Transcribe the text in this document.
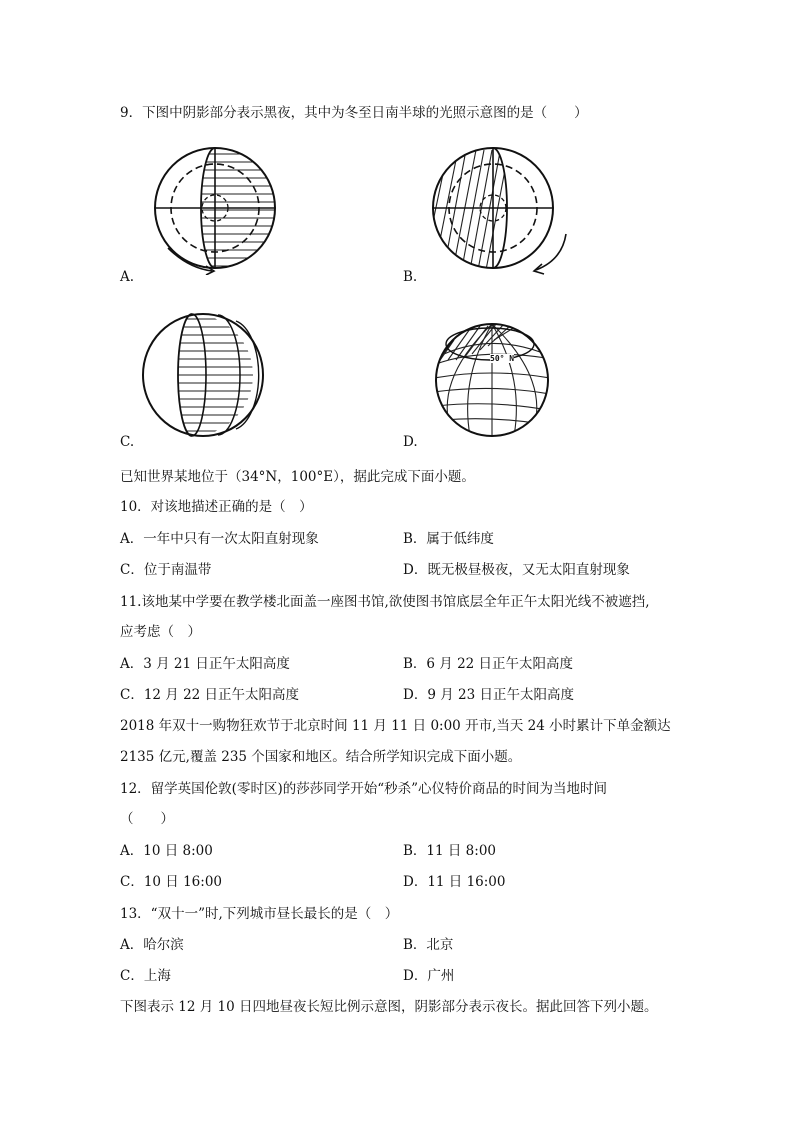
9．下图中阴影部分表示黑夜，其中为冬至日南半球的光照示意图的是（　　）
A.	B.
C.
50° N
D.
已知世界某地位于（34°N，100°E），据此完成下面小题。
10．对该地描述正确的是（　）
A．一年中只有一次太阳直射现象	B．属于低纬度
C．位于南温带	D．既无极昼极夜，又无太阳直射现象
11.该地某中学要在教学楼北面盖一座图书馆,欲使图书馆底层全年正午太阳光线不被遮挡,
应考虑（　）
A．3 月 21 日正午太阳高度	B．6 月 22 日正午太阳高度
C．12 月 22 日正午太阳高度	D．9 月 23 日正午太阳高度
2018 年双十一购物狂欢节于北京时间 11 月 11 日 0:00 开市,当天 24 小时累计下单金额达
2135 亿元,覆盖 235 个国家和地区。结合所学知识完成下面小题。
12．留学英国伦敦(零时区)的莎莎同学开始“秒杀”心仪特价商品的时间为当地时间
（　　）
A．10 日 8:00	B．11 日 8:00
C．10 日 16:00	D．11 日 16:00
13．“双十一”时,下列城市昼长最长的是（　）
A．哈尔滨	B．北京
C．上海	D．广州
下图表示 12 月 10 日四地昼夜长短比例示意图，阴影部分表示夜长。据此回答下列小题。
